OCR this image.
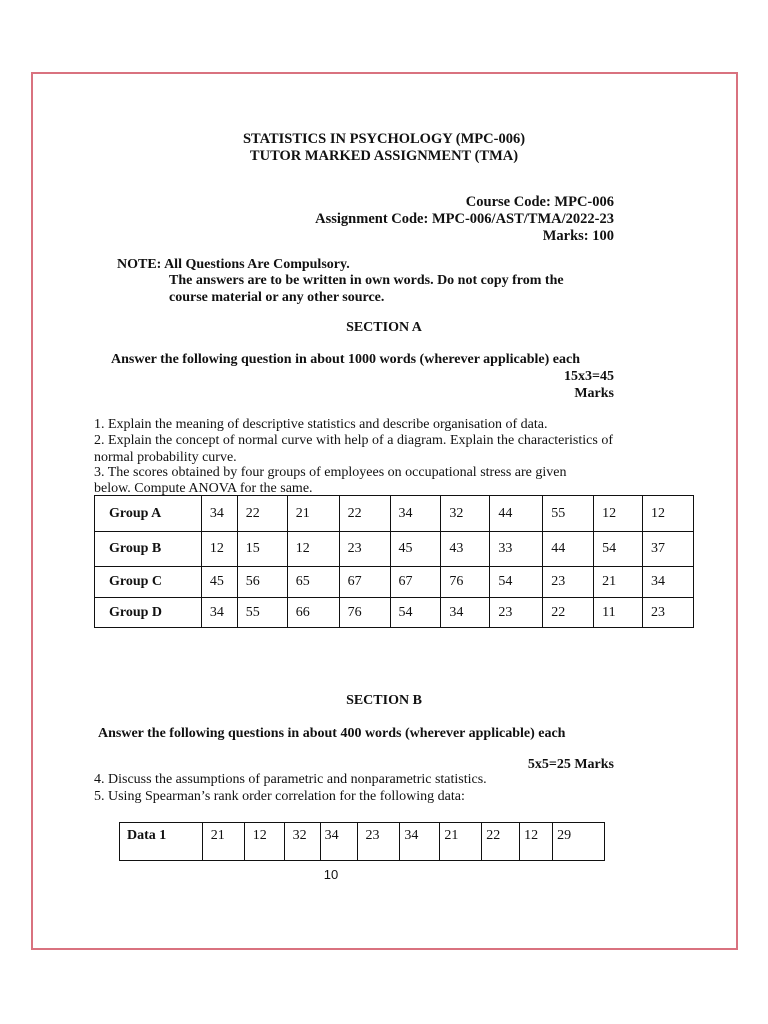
STATISTICS IN PSYCHOLOGY (MPC-006)
TUTOR MARKED ASSIGNMENT (TMA)
Course Code: MPC-006
Assignment Code: MPC-006/AST/TMA/2022-23
Marks: 100
NOTE: All Questions Are Compulsory.
The answers are to be written in own words. Do not copy from the
course material or any other source.
SECTION A
Answer the following question in about 1000 words (wherever applicable) each
15x3=45
Marks
1. Explain the meaning of descriptive statistics and describe organisation of data.
2. Explain the concept of normal curve with help of a diagram. Explain the characteristics of normal probability curve.
3. The scores obtained by four groups of employees on occupational stress are given
below. Compute ANOVA for the same.
Group A	34	22	21	22	34	32	44	55	12	12
Group B	12	15	12	23	45	43	33	44	54	37
Group C	45	56	65	67	67	76	54	23	21	34
Group D	34	55	66	76	54	34	23	22	11	23
SECTION B
Answer the following questions in about 400 words (wherever applicable) each
5x5=25 Marks
4. Discuss the assumptions of parametric and nonparametric statistics.
5. Using Spearman’s rank order correlation for the following data:
Data 1	21	12	32	34	23	34	21	22	12	29
10
